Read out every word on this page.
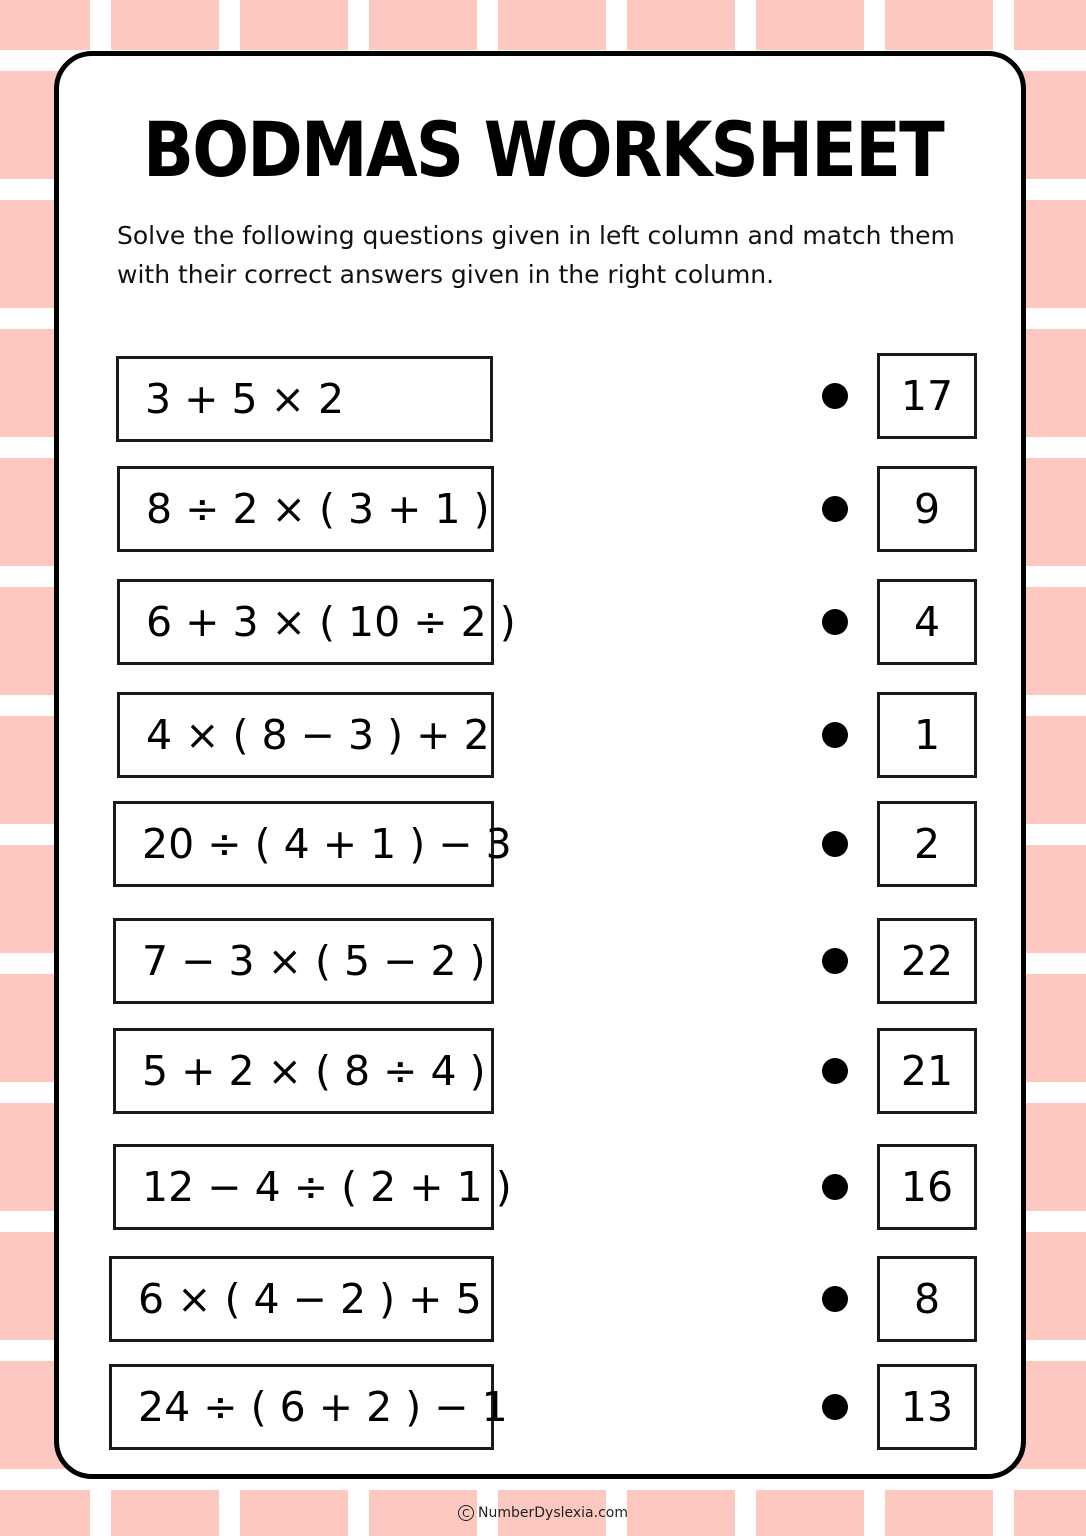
BODMAS WORKSHEET
Solve the following questions given in left column and match them with their correct answers given in the right column.
3 + 5 × 2
8 ÷ 2 × ( 3 + 1 )
6 + 3 × ( 10 ÷ 2 )
4 × ( 8 − 3 ) + 2
20 ÷ ( 4 + 1 ) − 3
7 − 3 × ( 5 − 2 )
5 + 2 × ( 8 ÷ 4 )
12 − 4 ÷ ( 2 + 1 )
6 × ( 4 − 2 ) + 5
24 ÷ ( 6 + 2 ) − 1
17
9
4
1
2
22
21
16
8
13
C NumberDyslexia.com
